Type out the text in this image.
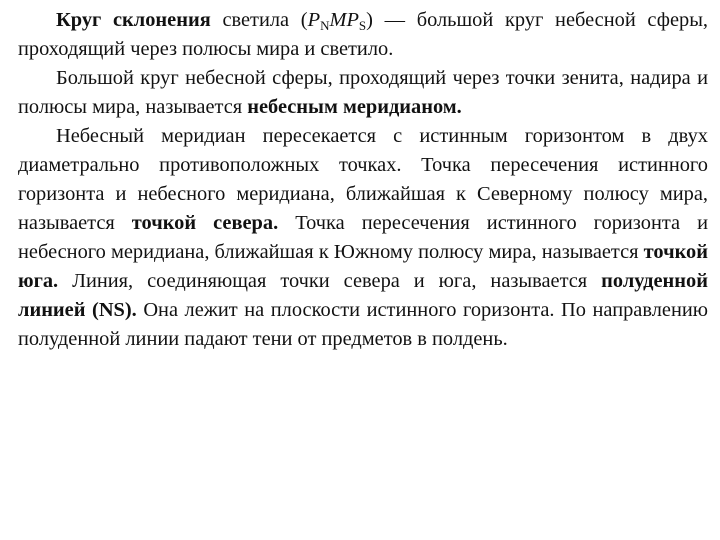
Круг склонения светила $(P_NMP_S)$ — большой круг небесной сферы, проходящий через полюсы мира и светило.

Большой круг небесной сферы, проходящий через точки зенита, надира и полюсы мира, называется небесным меридианом.

Небесный меридиан пересекается с истинным горизонтом в двух диаметрально противоположных точках. Точка пересечения истинного горизонта и небесного меридиана, ближайшая к Северному полюсу мира, называется точкой севера. Точка пересечения истинного горизонта и небесного меридиана, ближайшая к Южному полюсу мира, называется точкой юга. Линия, соединяющая точки севера и юга, называется полуденной линией (NS). Она лежит на плоскости истинного горизонта. По направлению полуденной линии падают тени от предметов в полдень.
